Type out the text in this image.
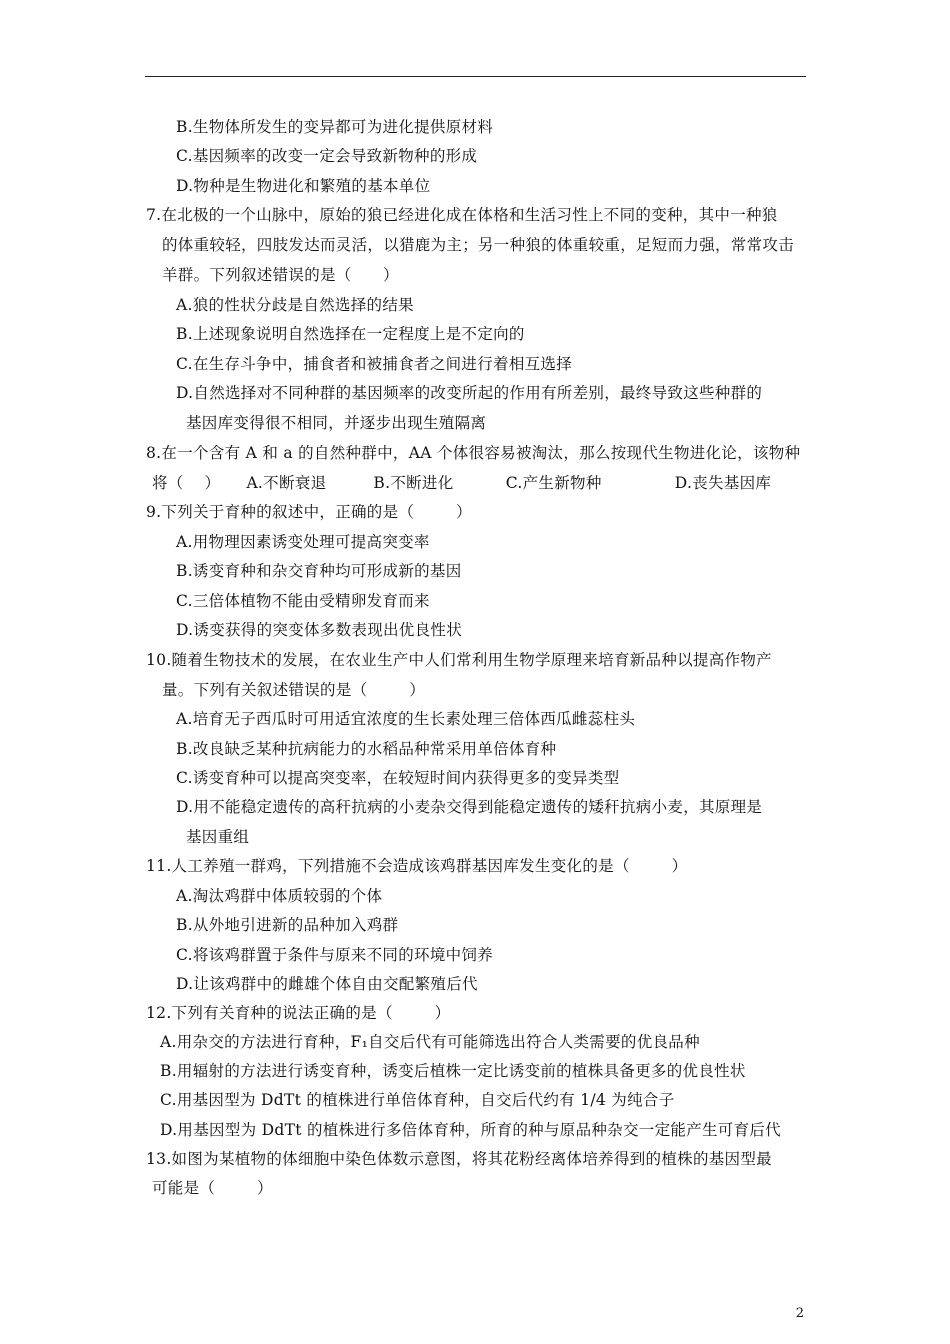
B.生物体所发生的变异都可为进化提供原材料
C.基因频率的改变一定会导致新物种的形成
D.物种是生物进化和繁殖的基本单位
7.在北极的一个山脉中，原始的狼已经进化成在体格和生活习性上不同的变种，其中一种狼
的体重较轻，四肢发达而灵活，以猎鹿为主；另一种狼的体重较重，足短而力强，常常攻击
羊群。下列叙述错误的是（      ）
A.狼的性状分歧是自然选择的结果
B.上述现象说明自然选择在一定程度上是不定向的
C.在生存斗争中，捕食者和被捕食者之间进行着相互选择
D.自然选择对不同种群的基因频率的改变所起的作用有所差别，最终导致这些种群的
基因库变得很不相同，并逐步出现生殖隔离
8.在一个含有 A 和 a 的自然种群中，AA 个体很容易被淘汰，那么按现代生物进化论，该物种
将（    ）     A.不断衰退         B.不断进化          C.产生新物种              D.丧失基因库
9.下列关于育种的叙述中，正确的是（        ）
A.用物理因素诱变处理可提高突变率
B.诱变育种和杂交育种均可形成新的基因
C.三倍体植物不能由受精卵发育而来
D.诱变获得的突变体多数表现出优良性状
10.随着生物技术的发展，在农业生产中人们常利用生物学原理来培育新品种以提高作物产
量。下列有关叙述错误的是（        ）
A.培育无子西瓜时可用适宜浓度的生长素处理三倍体西瓜雌蕊柱头
B.改良缺乏某种抗病能力的水稻品种常采用单倍体育种
C.诱变育种可以提高突变率，在较短时间内获得更多的变异类型
D.用不能稳定遗传的高秆抗病的小麦杂交得到能稳定遗传的矮秆抗病小麦，其原理是
基因重组
11.人工养殖一群鸡，下列措施不会造成该鸡群基因库发生变化的是（        ）
A.淘汰鸡群中体质较弱的个体
B.从外地引进新的品种加入鸡群
C.将该鸡群置于条件与原来不同的环境中饲养
D.让该鸡群中的雌雄个体自由交配繁殖后代
12.下列有关育种的说法正确的是（        ）
A.用杂交的方法进行育种，F₁自交后代有可能筛选出符合人类需要的优良品种
B.用辐射的方法进行诱变育种，诱变后植株一定比诱变前的植株具备更多的优良性状
C.用基因型为 DdTt 的植株进行单倍体育种，自交后代约有 1/4 为纯合子
D.用基因型为 DdTt 的植株进行多倍体育种，所育的种与原品种杂交一定能产生可育后代
13.如图为某植物的体细胞中染色体数示意图，将其花粉经离体培养得到的植株的基因型最
可能是（        ）
2
